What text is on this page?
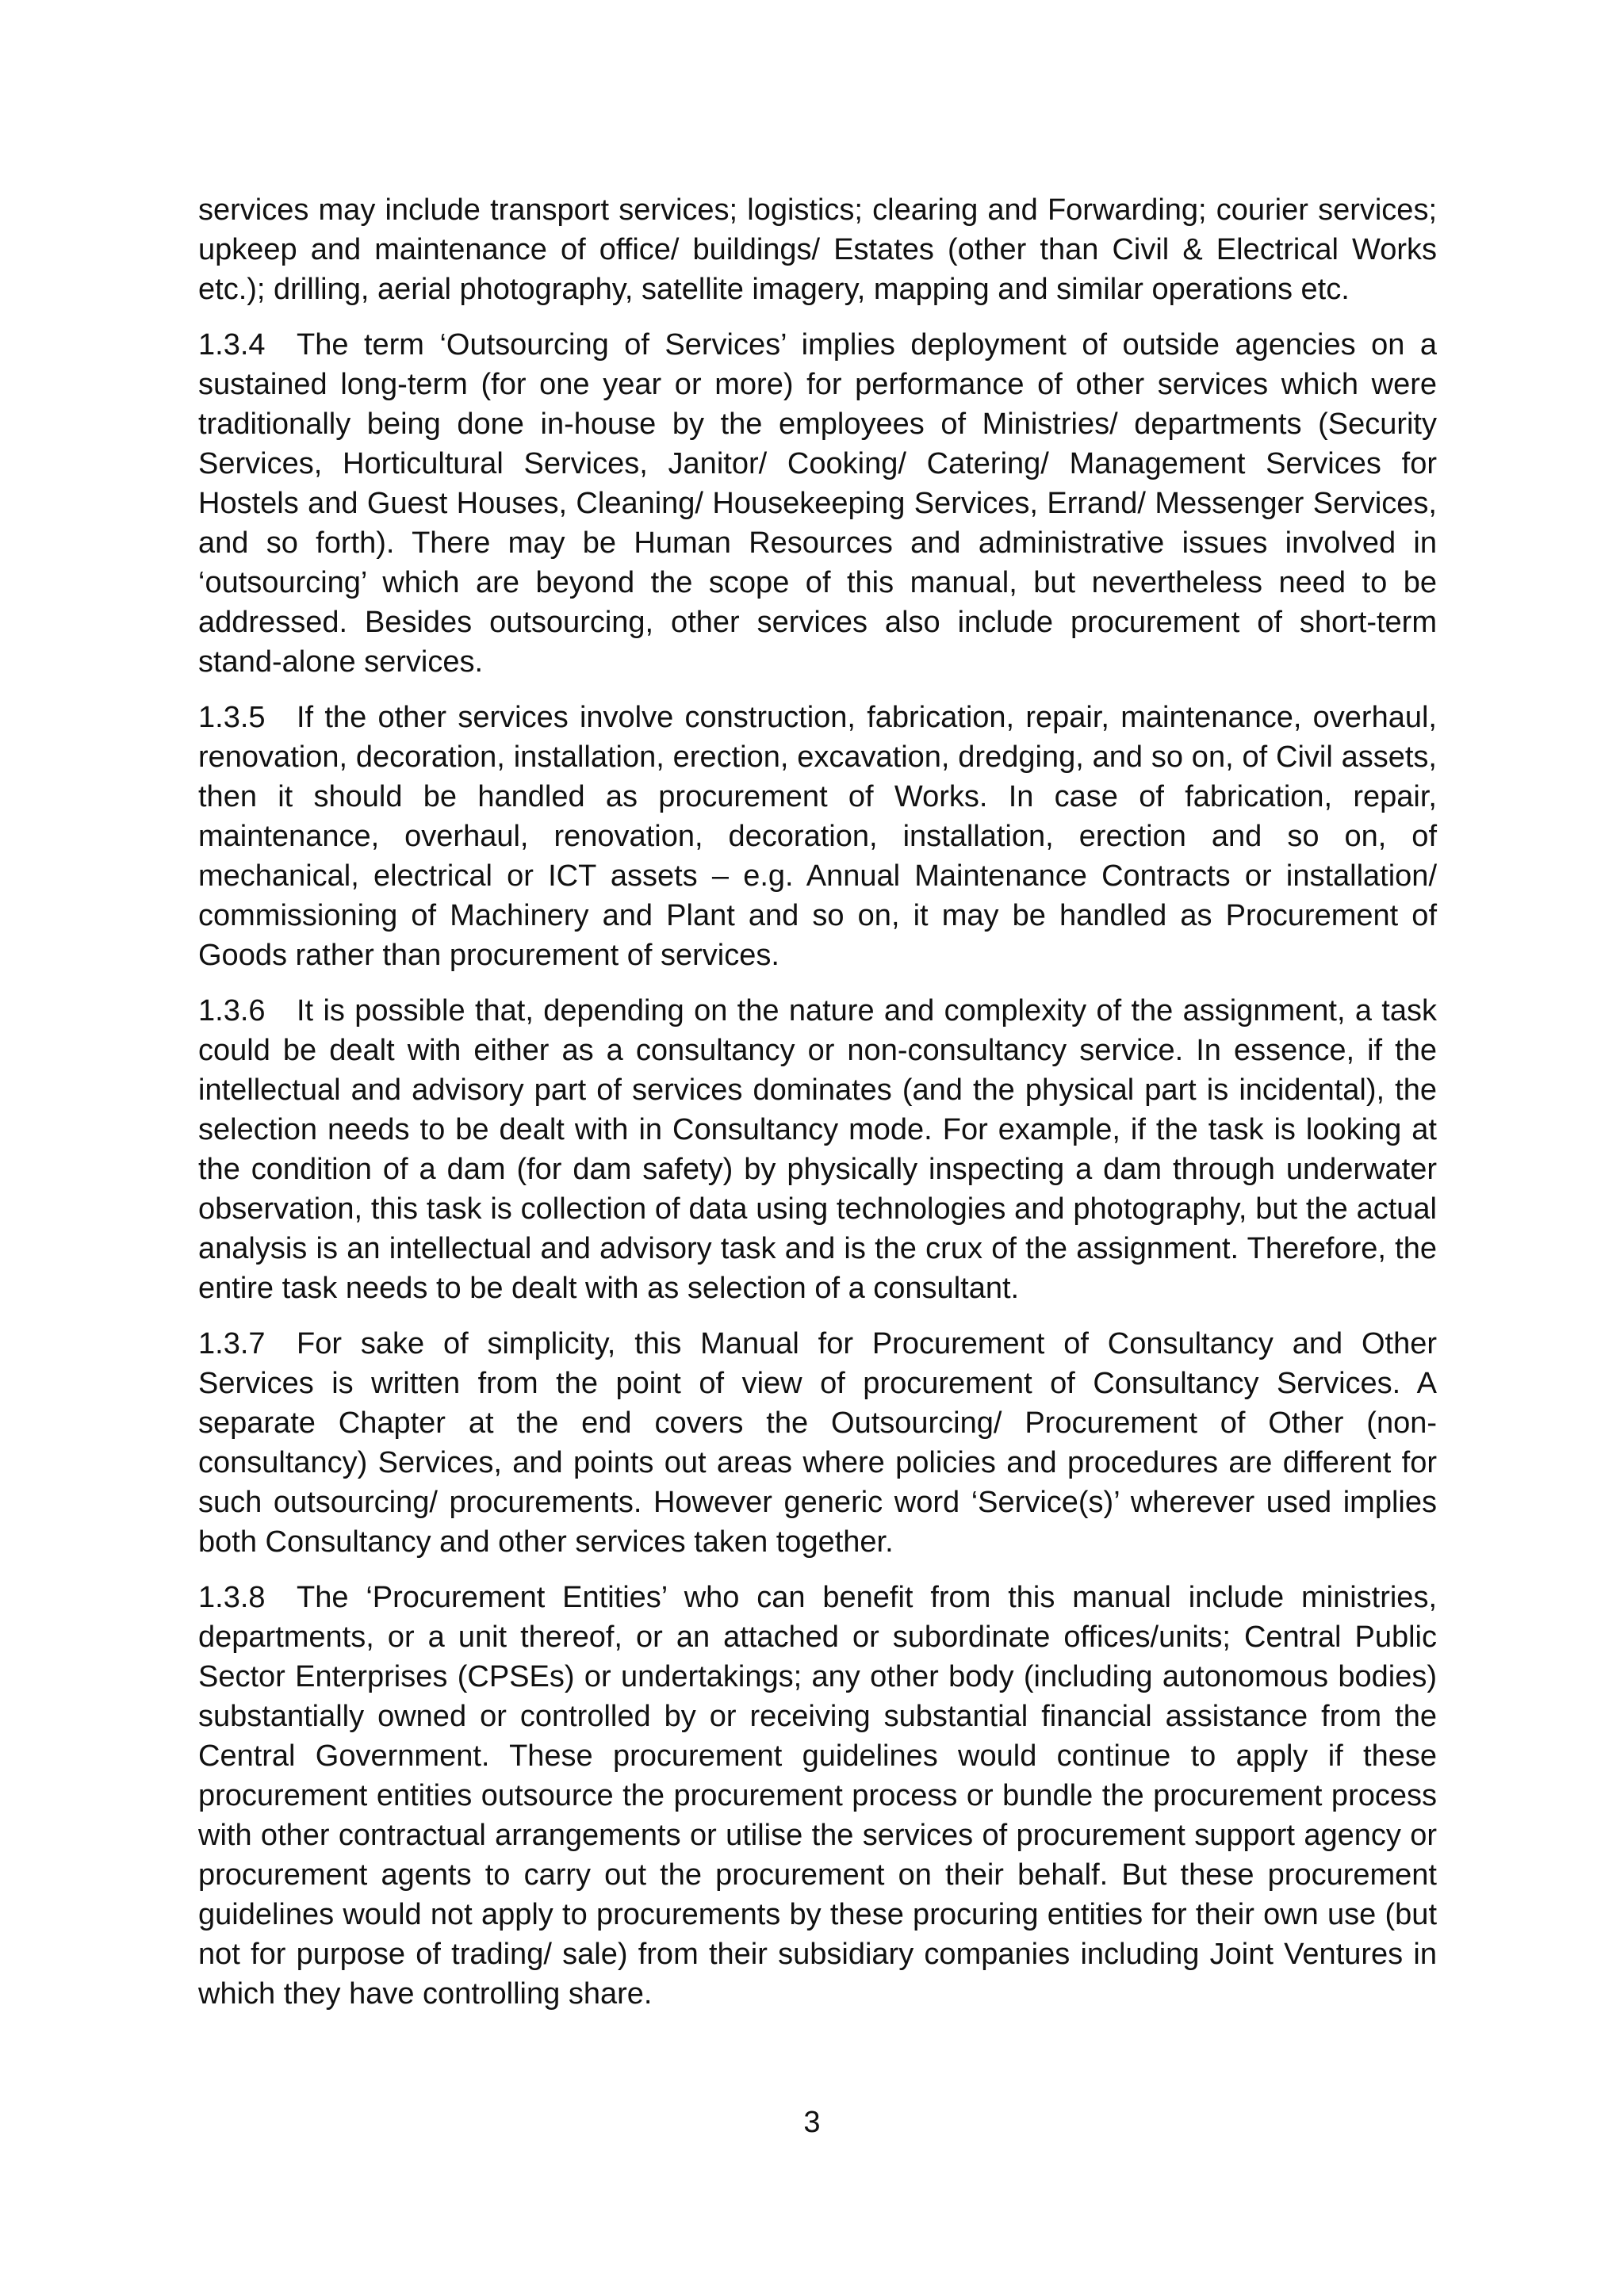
services may include transport services; logistics; clearing and Forwarding; courier services; upkeep and maintenance of office/ buildings/ Estates (other than Civil & Electrical Works etc.); drilling, aerial photography, satellite imagery, mapping and similar operations etc.

1.3.4 The term ‘Outsourcing of Services’ implies deployment of outside agencies on a sustained long-term (for one year or more) for performance of other services which were traditionally being done in-house by the employees of Ministries/ departments (Security Services, Horticultural Services, Janitor/ Cooking/ Catering/ Management Services for Hostels and Guest Houses, Cleaning/ Housekeeping Services, Errand/ Messenger Services, and so forth). There may be Human Resources and administrative issues involved in ‘outsourcing’ which are beyond the scope of this manual, but nevertheless need to be addressed. Besides outsourcing, other services also include procurement of short-term stand-alone services.

1.3.5 If the other services involve construction, fabrication, repair, maintenance, overhaul, renovation, decoration, installation, erection, excavation, dredging, and so on, of Civil assets, then it should be handled as procurement of Works. In case of fabrication, repair, maintenance, overhaul, renovation, decoration, installation, erection and so on, of mechanical, electrical or ICT assets – e.g. Annual Maintenance Contracts or installation/ commissioning of Machinery and Plant and so on, it may be handled as Procurement of Goods rather than procurement of services.

1.3.6 It is possible that, depending on the nature and complexity of the assignment, a task could be dealt with either as a consultancy or non-consultancy service. In essence, if the intellectual and advisory part of services dominates (and the physical part is incidental), the selection needs to be dealt with in Consultancy mode. For example, if the task is looking at the condition of a dam (for dam safety) by physically inspecting a dam through underwater observation, this task is collection of data using technologies and photography, but the actual analysis is an intellectual and advisory task and is the crux of the assignment. Therefore, the entire task needs to be dealt with as selection of a consultant.

1.3.7 For sake of simplicity, this Manual for Procurement of Consultancy and Other Services is written from the point of view of procurement of Consultancy Services. A separate Chapter at the end covers the Outsourcing/ Procurement of Other (non-consultancy) Services, and points out areas where policies and procedures are different for such outsourcing/ procurements. However generic word ‘Service(s)’ wherever used implies both Consultancy and other services taken together.

1.3.8 The ‘Procurement Entities’ who can benefit from this manual include ministries, departments, or a unit thereof, or an attached or subordinate offices/units; Central Public Sector Enterprises (CPSEs) or undertakings; any other body (including autonomous bodies) substantially owned or controlled by or receiving substantial financial assistance from the Central Government. These procurement guidelines would continue to apply if these procurement entities outsource the procurement process or bundle the procurement process with other contractual arrangements or utilise the services of procurement support agency or procurement agents to carry out the procurement on their behalf. But these procurement guidelines would not apply to procurements by these procuring entities for their own use (but not for purpose of trading/ sale) from their subsidiary companies including Joint Ventures in which they have controlling share.

3
